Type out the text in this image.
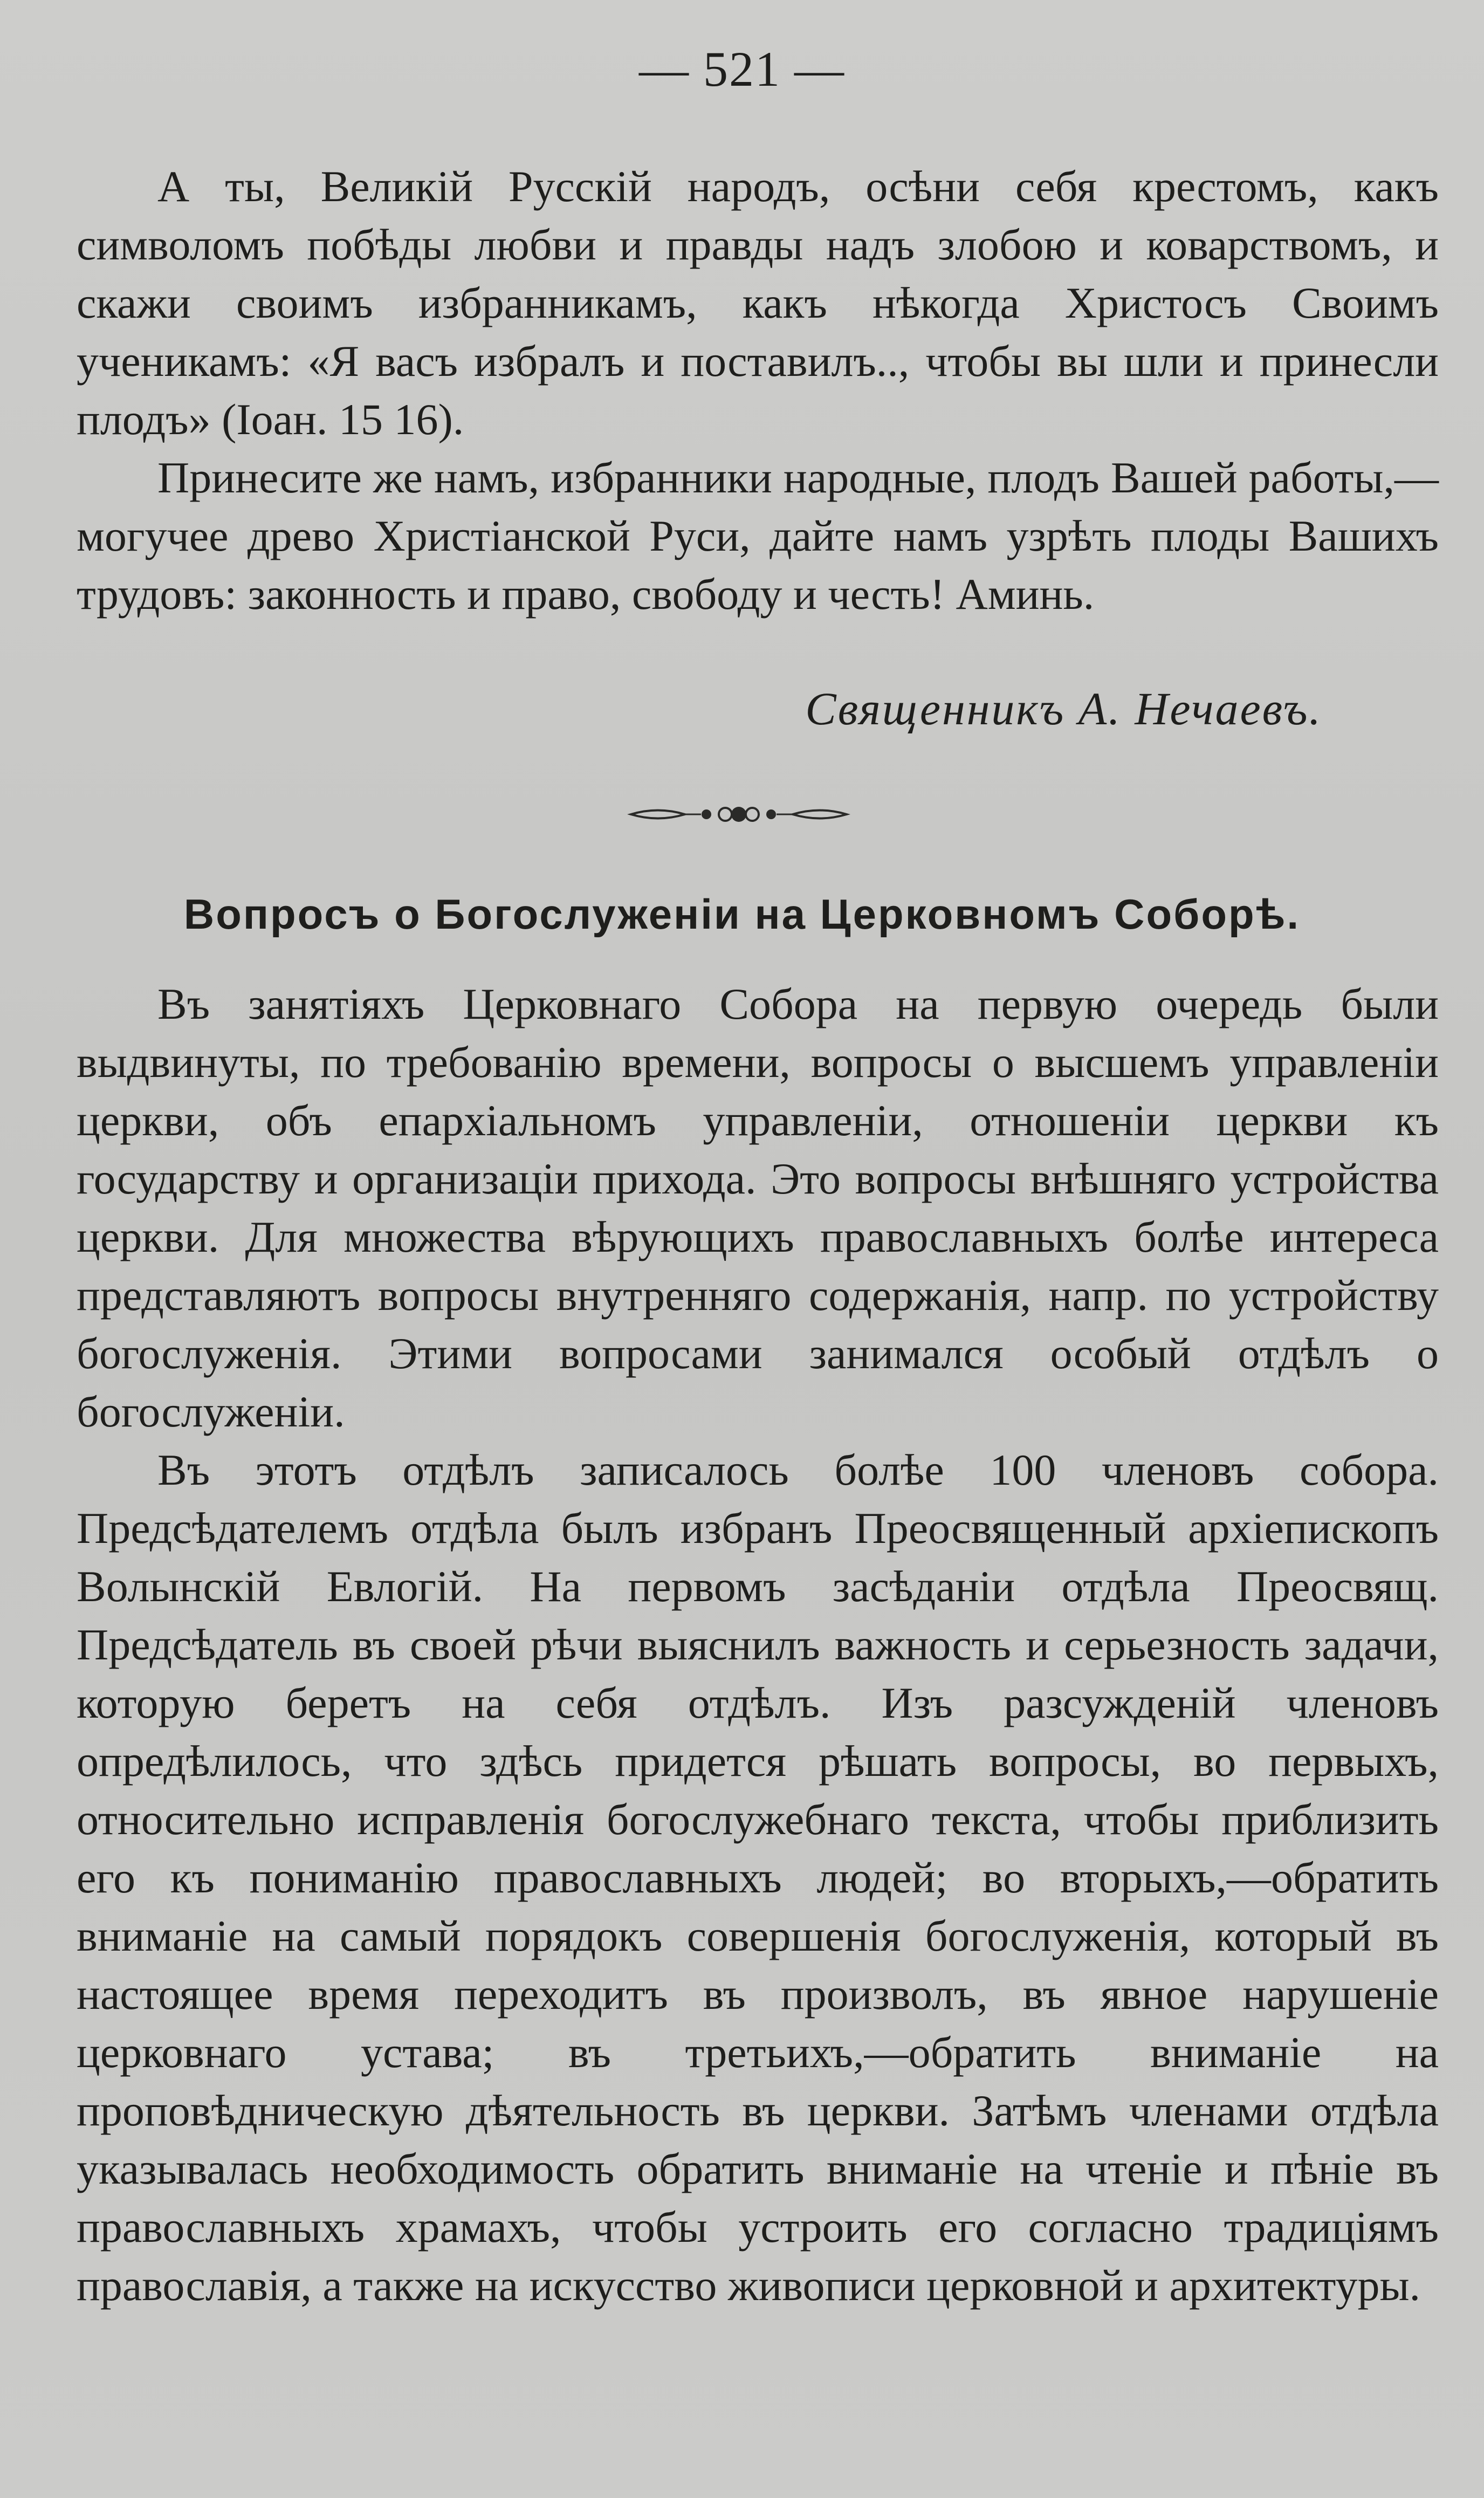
— 521 —

А ты, Великій Русскій народъ, осѣни себя крестомъ, какъ символомъ побѣды любви и правды надъ злобою и коварствомъ, и скажи своимъ избранникамъ, какъ нѣкогда Христосъ Своимъ ученикамъ: «Я васъ избралъ и поставилъ.., чтобы вы шли и принесли плодъ» (Іоан. 15 16).

Принесите же намъ, избранники народные, плодъ Вашей работы,—могучее древо Христіанской Руси, дайте намъ узрѣть плоды Вашихъ трудовъ: законность и право, свободу и честь! Аминь.

Священникъ А. Нечаевъ.
Вопросъ о Богослуженіи на Церковномъ Соборѣ.

Въ занятіяхъ Церковнаго Собора на первую очередь были выдвинуты, по требованію времени, вопросы о высшемъ управленіи церкви, объ епархіальномъ управленіи, отношеніи церкви къ государству и организаціи прихода. Это вопросы внѣшняго устройства церкви. Для множества вѣрующихъ православныхъ болѣе интереса представляютъ вопросы внутренняго содержанія, напр. по устройству богослуженія. Этими вопросами занимался особый отдѣлъ о богослуженіи.

Въ этотъ отдѣлъ записалось болѣе 100 членовъ собора. Предсѣдателемъ отдѣла былъ избранъ Преосвященный архіепископъ Волынскій Евлогій. На первомъ засѣданіи отдѣла Преосвящ. Предсѣдатель въ своей рѣчи выяснилъ важность и серьезность задачи, которую беретъ на себя отдѣлъ. Изъ разсужденій членовъ опредѣлилось, что здѣсь придется рѣшать вопросы, во первыхъ, относительно исправленія богослужебнаго текста, чтобы приблизить его къ пониманію православныхъ людей; во вторыхъ,—обратить вниманіе на самый порядокъ совершенія богослуженія, который въ настоящее время переходитъ въ произволъ, въ явное нарушеніе церковнаго устава; въ третьихъ,—обратить вниманіе на проповѣдническую дѣятельность въ церкви. Затѣмъ членами отдѣла указывалась необходимость обратить вниманіе на чтеніе и пѣніе въ православныхъ храмахъ, чтобы устроить его согласно традиціямъ православія, а также на искусство живописи церковной и архитектуры.
